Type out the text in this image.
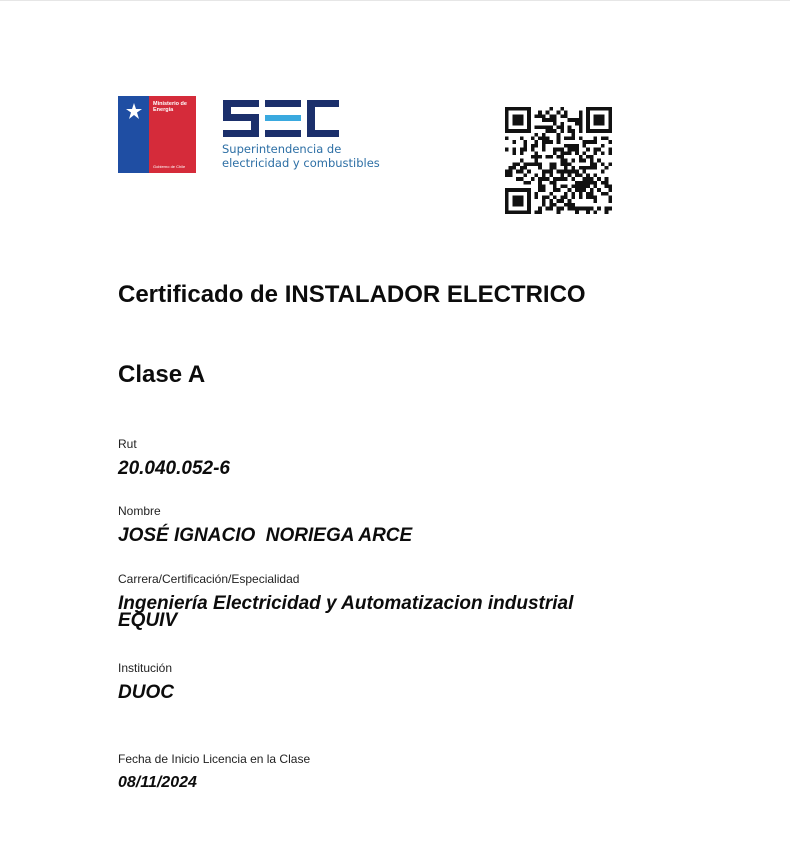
Ministerio de
Energía
Gobierno de Chile
Superintendencia de
electricidad y combustibles
Certificado de INSTALADOR ELECTRICO
Clase A
Rut
20.040.052-6
Nombre
JOSÉ IGNACIO  NORIEGA ARCE
Carrera/Certificación/Especialidad
Ingeniería Electricidad y Automatizacion industrial
EQUIV
Institución
DUOC
Fecha de Inicio Licencia en la Clase
08/11/2024
